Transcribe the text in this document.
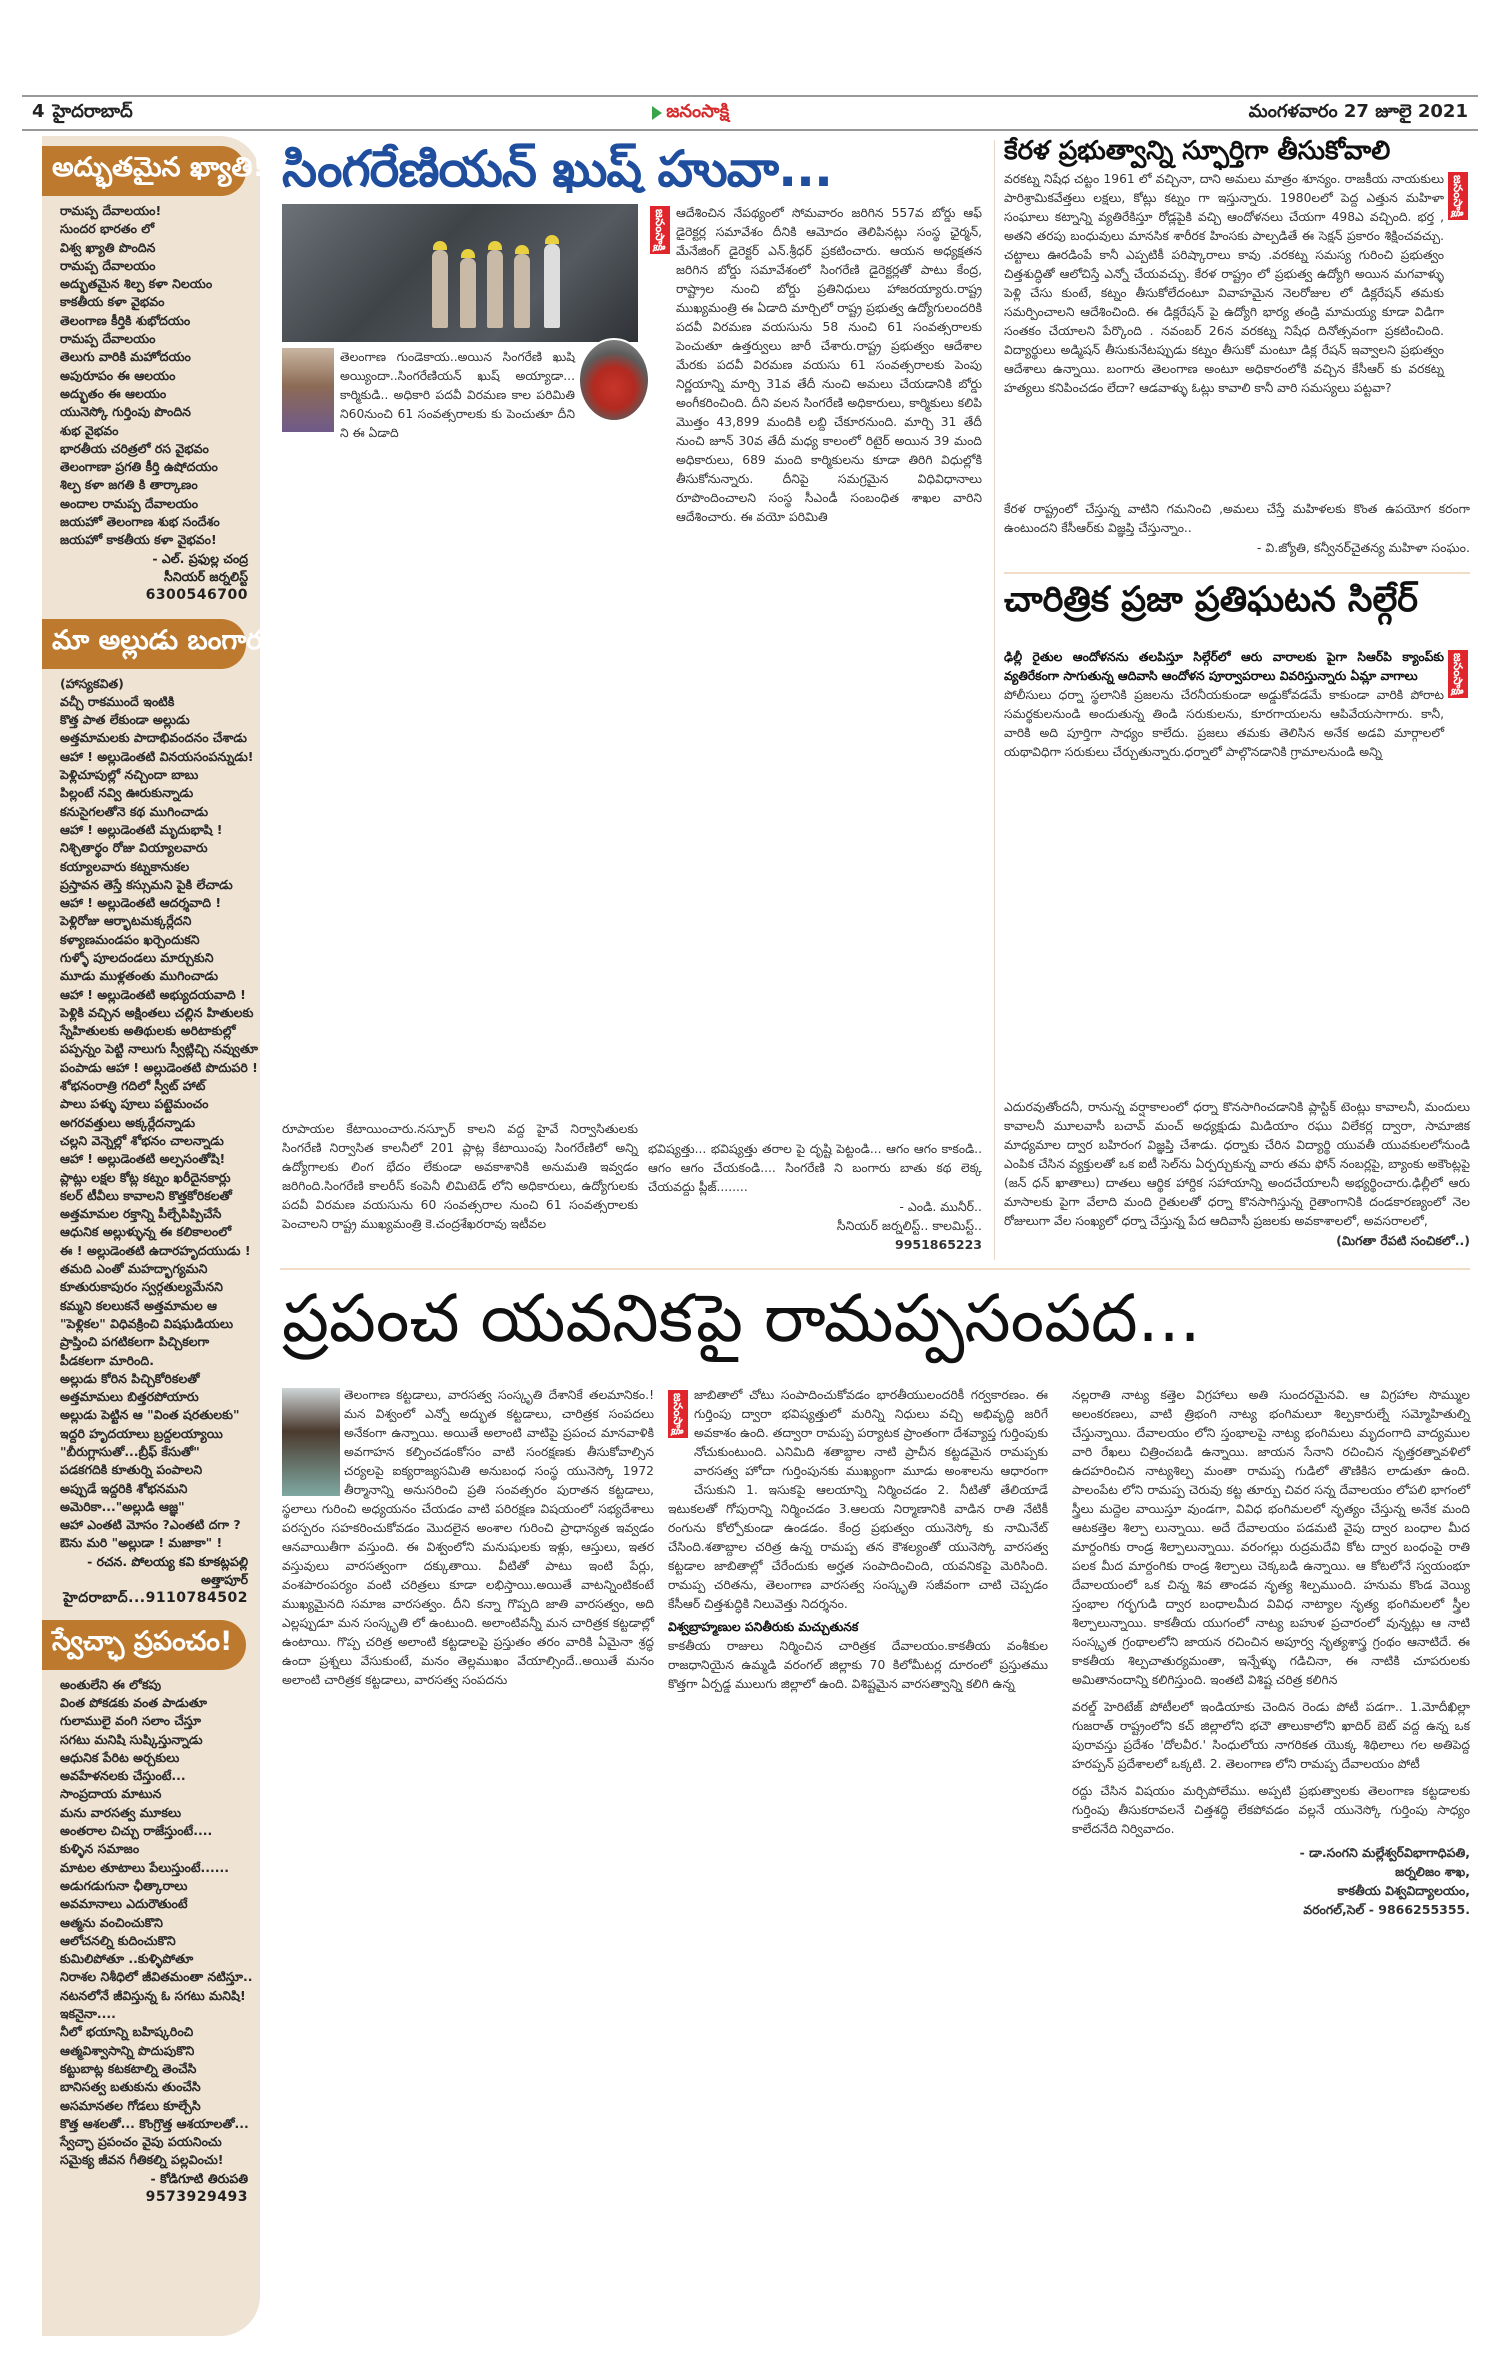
4 హైదరాబాద్	జనంసాక్షి	మంగళవారం 27 జూలై 2021
అద్భుతమైన ఖ్యాతి!
రామప్ప దేవాలయం!
సుందర భారతం లో
విశ్వ ఖ్యాతి పొందిన
రామప్ప దేవాలయం
అద్భుతమైన శిల్ప కళా నిలయం
కాకతీయ కళా వైభవం
తెలంగాణ కీర్తికి శుభోదయం
రామప్ప దేవాలయం
తెలుగు వారికి మహోదయం
అపురూపం ఈ ఆలయం
అద్భుతం ఈ ఆలయం
యునెస్కో గుర్తింపు పొందిన
శుభ వైభవం
భారతీయ చరిత్రలో రస వైభవం
తెలంగాణా ప్రగతి కీర్తి ఉషోదయం
శిల్ప కళా జగతి కి తార్కాణం
అందాల రామప్ప దేవాలయం
జయహో తెలంగాణ శుభ సందేశం
జయహో కాకతీయ కళా వైభవం!
- ఎల్. ప్రఫుల్ల చంద్ర
సీనియర్ జర్నలిస్ట్
6300546700
మా అల్లుడు బంగారం
(హాస్యకవిత)
వచ్చీ రాకముందే ఇంటికి
కొత్త పాత లేకుండా అల్లుడు
అత్తమామలకు పాదాభివందనం చేశాడు
ఆహా ! అల్లుడెంతటి వినయసంపన్నుడు!
పెళ్లిచూపుల్లో నచ్చిందా బాబు
పిల్లంటే నవ్వి ఊరుకున్నాడు
కనుసైగలతోనె కథ ముగించాడు
ఆహా ! అల్లుడెంతటి మృదుభాషి !
నిశ్చితార్థం రోజు వియ్యాలవారు
కయ్యాలవారు కట్నకానుకల
ప్రస్తావన తెస్తే కస్సుమని పైకి లేచాడు
ఆహా ! అల్లుడెంతటి ఆదర్శవాది !
పెళ్లిరోజు ఆర్భాటమక్కర్లేదని
కళ్యాణమండపం ఖర్చెందుకని
గుళ్ళో పూలదండలు మార్చుకుని
మూడు ముళ్లతంతు ముగించాడు
ఆహా ! అల్లుడెంతటి అభ్యుదయవాది !
పెళ్లికి వచ్చిన అక్షింతలు చల్లిన హితులకు
స్నేహితులకు అతిథులకు అరిటాకుల్లో
పప్పన్నం పెట్టి నాలుగు స్వీట్లిచ్చి నవ్వుతూ
పంపాడు ఆహా ! అల్లుడెంతటి పొదుపరి !
శోభనంరాత్రి గదిలో స్వీట్ హాట్
పాలు పళ్ళు పూలు పట్టెమంచం
అగరవత్తులు అక్కర్లేదన్నాడు
చల్లని వెన్నెల్లో శోభనం చాలన్నాడు
ఆహా ! అల్లుడెంతటి అల్పసంతోషి!
ప్లాట్లు లక్షల కోట్ల కట్నం ఖరీదైనకార్లు
కలర్ టీవీలు కావాలని కొత్తకోరికలతో
అత్తమామల రక్తాన్ని పీల్చేపిప్పిచేసే
ఆధునిక అల్లుళ్ళున్న ఈ కలికాలంలో
ఈ ! అల్లుడెంతటి ఉదారహృదయుడు !
తమది ఎంతో మహద్భాగ్యమని
కూతురుకాపురం స్వర్గతుల్యమేనని
కమ్మని కలలుకనే అత్తమామల ఆ
"పెళ్లికల" విధివక్రించి విషఘడియలు
ప్రాప్తించి పగటికలగా పిచ్చికలగా
పీడకలగా మారింది.
అల్లుడు కోరిన పిచ్చికోరికలతో
అత్తమామలు బిత్తరపోయారు
అల్లుడు పెట్టిన ఆ "వింత షరతులకు"
ఇద్దరి హృదయాలు బ్రద్దలయ్యాయి
"బీరుగ్లాసుతో...బ్రీఫ్ కేసుతో"
పడకగదికి కూతుర్ని పంపాలని
అప్పుడే ఇద్దరికి శోభనమని
అమెరికా..."అల్లుడి ఆజ్ఞ"
ఆహా ఎంతటి మోసం ?ఎంతటి దగా ?
ఔను మరి "అల్లుడా ! మజాకా" !
- రచన. పోలయ్య కవి కూకట్లపల్లి
అత్తాపూర్
హైదరాబాద్...9110784502
స్వేచ్ఛా ప్రపంచం!
అంతులేని ఈ లోకపు
వింత పోకడకు వంత పాడుతూ
గులాములై వంగి సలాం చేస్తూ
సగటు మనిషి సుష్కిస్తున్నాడు
ఆధునిక పేరిట అర్చకులు
అవహేళనలకు చేస్తుంటే...
సాంప్రదాయ మాటున
మను వారసత్వ మూకలు
అంతరాల చిచ్చు రాజేస్తుంటే....
కుళ్ళిన సమాజం
మాటల తూటాలు పేలుస్తుంటే......
అడుగడుగునా ఛీత్కారాలు
అవమానాలు ఎదురౌతుంటే
ఆత్మను వంచించుకొని
ఆలోచనల్ని కుదించుకొని
కుమిలిపోతూ ..కుళ్ళిపోతూ
నిరాశల నిశీధిలో జీవితమంతా నటిస్తూ..
నటనలోనే జీవిస్తున్న ఓ సగటు మనిషి!
ఇకనైనా....
నీలో భయాన్ని బహిష్కరించి
ఆత్మవిశ్వాసాన్ని పొదుపుకొని
కట్టుబాట్ల కటకటాల్ని తెంచేసి
బానిసత్వ బతుకును తుంచేసి
అసమానతల గోడలు కూల్చేసి
కొత్త ఆశలతో... కొంగ్రొత్త ఆశయాలతో...
స్వేచ్ఛా ప్రపంచం వైపు పయనించు
సమైక్య జీవన గీతికల్ని పల్లవించు!
- కోడిగూటి తిరుపతి
9573929493
సింగరేణియన్ ఖుష్ హువా...

తెలంగాణ గుండెకాయ..అయిన సింగరేణి ఖుషి అయ్యిందా..సింగరేణియన్ ఖుష్ అయ్యాడా... కార్మికుడి.. అధికారి పదవీ విరమణ కాల పరిమితి ని60నుంచి 61 సంవత్సరాలకు కు పెంచుతూ దీని ని ఈ ఏడాది

రూపాయల కేటాయించారు.నస్పూర్ కాలని వద్ద హైవే నిర్వాసితులకు సింగరేణి నిర్వాసిత కాలనీలో 201 ప్లాట్ల కేటాయింపు సింగరేణిలో అన్ని ఉద్యోగాలకు లింగ భేదం లేకుండా అవకాశానికి అనుమతి ఇవ్వడం జరిగింది.సింగరేణి కాలరీస్ కంపెనీ లిమిటెడ్ లోని అధికారులు, ఉద్యోగులకు పదవీ విరమణ వయసును 60 సంవత్సరాల నుంచి 61 సంవత్సరాలకు పెంచాలని రాష్ట్ర ముఖ్యమంత్రి కె.చంద్రశేఖరరావు ఇటీవల

జనంసాక్షి ఆదేశించిన నేపథ్యంలో సోమవారం జరిగిన 557వ బోర్డు ఆఫ్ డైరెక్టర్ల సమావేశం దీనికి ఆమోదం తెలిపినట్లు సంస్థ ఛైర్మన్, మేనేజింగ్ డైరెక్టర్ ఎన్.శ్రీధర్ ప్రకటించారు. ఆయన అధ్యక్షతన జరిగిన బోర్డు సమావేశంలో సింగరేణి డైరెక్టర్లతో పాటు కేంద్ర, రాష్ట్రాల నుంచి బోర్డు ప్రతినిధులు హాజరయ్యారు.రాష్ట్ర ముఖ్యమంత్రి ఈ ఏడాది మార్చిలో రాష్ట్ర ప్రభుత్వ ఉద్యోగులందరికి పదవీ విరమణ వయసును 58 నుంచి 61 సంవత్సరాలకు పెంచుతూ ఉత్తర్వులు జారీ చేశారు.రాష్ట్ర ప్రభుత్వం ఆదేశాల మేరకు పదవీ విరమణ వయసు 61 సంవత్సరాలకు పెంపు నిర్ణయాన్ని మార్చి 31వ తేదీ నుంచి అమలు చేయడానికి బోర్డు అంగీకరించింది. దీని వలన సింగరేణి అధికారులు, కార్మికులు కలిపి మొత్తం 43,899 మందికి లబ్ది చేకూరనుంది. మార్చి 31 తేదీ నుంచి జూన్ 30వ తేదీ మధ్య కాలంలో రిటైర్ అయిన 39 మంది అధికారులు, 689 మంది కార్మికులను కూడా తిరిగి విధుల్లోకి తీసుకోనున్నారు. దీనిపై సమగ్రమైన విధివిధానాలు రూపొందించాలని సంస్థ సీఎండీ సంబంధిత శాఖల వారిని ఆదేశించారు. ఈ వయో పరిమితి

భవిష్యత్తు... భవిష్యత్తు తరాల పై దృష్టి పెట్టండి... ఆగం ఆగం కాకండి.. ఆగం ఆగం చేయకండి.... సింగరేణి ని బంగారు బాతు కథ లెక్క చేయవద్దు ప్లీజ్........

- ఎండి. మునీర్..
సీనియర్ జర్నలిస్ట్.. కాలమిస్ట్..
9951865223
కేరళ ప్రభుత్వాన్ని స్ఫూర్తిగా తీసుకోవాలి
జనంసాక్షి

వరకట్న నిషేధ చట్టం 1961 లో వచ్చినా, దాని అమలు మాత్రం శూన్యం. రాజకీయ నాయకులు పారిశ్రామికవేత్తలు లక్షలు, కోట్లు కట్నం గా ఇస్తున్నారు. 1980లలో పెద్ద ఎత్తున మహిళా సంఘాలు కట్నాన్ని వ్యతిరేకిస్తూ రోడ్లపైకి వచ్చి ఆందోళనలు చేయగా 498ఎ వచ్చింది. భర్త , అతని తరపు బంధువులు మానసిక శారీరక హింసకు పాల్పడితే ఈ సెక్షన్ ప్రకారం శిక్షించవచ్చు. చట్టాలు ఊరడింపే కానీ ఎప్పటికీ పరిష్కారాలు కావు .వరకట్న సమస్య గురించి ప్రభుత్వం చిత్తశుద్ధితో ఆలోచిస్తే ఎన్నో చేయవచ్చు. కేరళ రాష్ట్రం లో ప్రభుత్వ ఉద్యోగి అయిన మగవాళ్ళు పెళ్లి చేసు కుంటే, కట్నం తీసుకోలేదంటూ వివాహమైన నెలరోజుల లో డిక్లరేషన్ తమకు సమర్పించాలని ఆదేశించింది. ఈ డిక్లరేషన్ పై ఉద్యోగి భార్య తండ్రి మామయ్య కూడా విడిగా సంతకం చేయాలని పేర్కొంది . నవంబర్ 26న వరకట్న నిషేధ దినోత్సవంగా ప్రకటించింది. విద్యార్థులు అడ్మిషన్ తీసుకునేటప్పుడు కట్నం తీసుకో మంటూ డిక్ల రేషన్ ఇవ్వాలని ప్రభుత్వం ఆదేశాలు ఉన్నాయి. బంగారు తెలంగాణ అంటూ అధికారంలోకి వచ్చిన కేసీఆర్ కు వరకట్న హత్యలు కనిపించడం లేదా? ఆడవాళ్ళు ఓట్లు కావాలి కానీ వారి సమస్యలు పట్టవా?

కేరళ రాష్ట్రంలో చేస్తున్న వాటిని గమనించి ,అమలు చేస్తే మహిళలకు కొంత ఉపయోగ కరంగా ఉంటుందని కేసీఆర్‌కు విజ్ఞప్తి చేస్తున్నాం..

- వి.జ్యోతి, కన్వీనర్‌చైతన్య మహిళా సంఘం.
చారిత్రిక ప్రజా ప్రతిఘటన సిల్గేర్
జనంసాక్షి

ఢిల్లీ రైతుల ఆందోళనను తలపిస్తూ సిల్గేర్‌లో ఆరు వారాలకు పైగా సిఆర్‌పి క్యాంప్‌కు వ్యతిరేకంగా సాగుతున్న ఆదివాసి ఆందోళన పూర్వాపరాలు వివరిస్తున్నారు ఏమ్లా వాగాలు

పోలీసులు ధర్నా స్థలానికి ప్రజలను చేరనీయకుండా అడ్డుకోవడమే కాకుండా వారికి పోరాట సమర్థకులనుండి అందుతున్న తిండి సరుకులను, కూరగాయలను ఆపివేయసాగారు. కానీ, వారికి అది పూర్తిగా సాధ్యం కాలేదు. ప్రజలు తమకు తెలిసిన అనేక అడవి మార్గాలలో యథావిధిగా సరుకులు చేర్చుతున్నారు.ధర్నాలో పాల్గొనడానికి గ్రామాలనుండి అన్ని

ఎదురవుతోందనీ, రానున్న వర్షాకాలంలో ధర్నా కొనసాగించడానికి ప్లాస్టిక్ టెంట్లు కావాలనీ, మందులు కావాలనీ మూలవాసీ బచావ్ మంచ్ అధ్యక్షుడు మిడియాం రఘు విలేకర్ల ద్వారా, సామాజిక మాధ్యమాల ద్వార బహిరంగ విజ్ఞప్తి చేశాడు. ధర్నాకు చేరిన విద్యార్థి యువతీ యువకులలోనుండి ఎంపిక చేసిన వ్యక్తులతో ఒక ఐటీ సెల్‌ను ఏర్పర్చుకున్న వారు తమ ఫోన్ నంబర్లపై, బ్యాంకు అకౌంట్లపై (జన్ ధన్ ఖాతాలు) దాతలు ఆర్థిక హార్దిక సహాయాన్ని అందచేయాలనీ అభ్యర్థించారు.ఢిల్లీలో ఆరు మాసాలకు పైగా వేలాది మంది రైతులతో ధర్నా కొనసాగిస్తున్న రైతాంగానికి దండకారణ్యంలో నెల రోజులుగా వేల సంఖ్యలో ధర్నా చేస్తున్న పేద ఆదివాసీ ప్రజలకు అవకాశాలలో, అవసరాలలో,

(మిగతా రేపటి సంచికలో..)
ప్రపంచ యవనికపై రామప్పసంపద...

తెలంగాణ కట్టడాలు, వారసత్వ సంస్కృతి దేశానికే తలమానికం.!మన విశ్వంలో ఎన్నో అద్భుత కట్టడాలు, చారిత్రక సంపదలు అనేకంగా ఉన్నాయి. అయితే అలాంటి వాటిపై ప్రపంచ మానవాళికి అవగాహన కల్పించడంకోసం వాటి సంరక్షణకు తీసుకోవాల్సిన చర్యలపై ఐక్యరాజ్యసమితి అనుబంధ సంస్థ యునెస్కో 1972 తీర్మానాన్ని అనుసరించి ప్రతి సంవత్సరం పురాతన కట్టడాలు, స్థలాలు గురించి అధ్యయనం చేయడం వాటి పరిరక్షణ విషయంలో సభ్యదేశాలు పరస్పరం సహకరించుకోవడం మొదలైన అంశాల గురించి ప్రాధాన్యత ఇవ్వడం ఆనవాయితీగా వస్తుంది. ఈ విశ్వంలోని మనుషులకు ఇళ్లు, ఆస్తులు, ఇతర వస్తువులు వారసత్వంగా దక్కుతాయి. వీటితో పాటు ఇంటి పేర్లు, వంశపారంపర్యం వంటి చరిత్రలు కూడా లభిస్తాయి.అయితే వాటన్నింటికంటే ముఖ్యమైనది సమాజ వారసత్వం. దీని కన్నా గొప్పది జాతి వారసత్వం, అది ఎల్లప్పుడూ మన సంస్కృతి లో ఉంటుంది. అలాంటివన్నీ మన చారిత్రక కట్టడాల్లో ఉంటాయి. గొప్ప చరిత్ర అలాంటి కట్టడాలపై ప్రస్తుతం తరం వారికి ఏమైనా శ్రద్ధ ఉందా ప్రశ్నలు వేసుకుంటే, మనం తెల్లముఖం వేయాల్సిందే..అయితే మనం అలాంటి చారిత్రక కట్టడాలు, వారసత్వ సంపదను

జనంసాక్షి జాబితాలో చోటు సంపాదించుకోవడం భారతీయులందరికీ గర్వకారణం. ఈ గుర్తింపు ద్వారా భవిష్యత్తులో మరిన్ని నిధులు వచ్చి అభివృద్ధి జరిగే అవకాశం ఉంది. తద్వారా రామప్ప పర్యాటక ప్రాంతంగా దేశవ్యాప్త గుర్తింపుకు నోచుకుంటుంది. ఎనిమిది శతాబ్దాల నాటి ప్రాచీన కట్టడమైన రామప్పకు వారసత్వ హోదా గుర్తింపునకు ముఖ్యంగా మూడు అంశాలను ఆధారంగా చేసుకుని 1. ఇసుకపై ఆలయాన్ని నిర్మించడం 2. నీటితో తేలియాడే ఇటుకలతో గోపురాన్ని నిర్మించడం 3.ఆలయ నిర్మాణానికి వాడిన రాతి నేటికీ రంగును కోల్పోకుండా ఉండడం. కేంద్ర ప్రభుత్వం యునెస్కో కు నామినేట్ చేసింది.శతాబ్దాల చరిత్ర ఉన్న రామప్ప తన కౌశల్యంతో యునెస్కో వారసత్వ కట్టడాల జాబితాల్లో చేరేందుకు అర్హత సంపాదించింది, యవనికపై మెరిసింది. రామప్ప చరితను, తెలంగాణ వారసత్వ సంస్కృతి సజీవంగా చాటి చెప్పడం కేసీఆర్ చిత్తశుద్ధికి నిలువెత్తు నిదర్శనం.

విశ్వబ్రాహ్మణుల పనితీరుకు మచ్చుతునక

కాకతీయ రాజులు నిర్మించిన చారిత్రక దేవాలయం.కాకతీయ వంశీకుల రాజధానియైన ఉమ్మడి వరంగల్ జిల్లాకు 70 కిలోమీటర్ల దూరంలో ప్రస్తుతము కొత్తగా ఏర్పడ్డ ములుగు జిల్లాలో ఉంది. విశిష్టమైన వారసత్వాన్ని కలిగి ఉన్న

నల్లరాతి నాట్య కత్తెల విగ్రహాలు అతి సుందరమైనవి. ఆ విగ్రహాల సొమ్ముల అలంకరణలు, వాటి త్రిభంగి నాట్య భంగిమలూ శిల్పకారుల్నే సమ్మోహితుల్ని చేస్తున్నాయి. దేవాలయం లోని స్తంభాలపై నాట్య భంగిమలు మృదంగాది వాద్యముల వారి రేఖలు చిత్రించబడి ఉన్నాయి. జాయన సేనాని రచించిన నృత్తరత్నావళిలో ఉదహరించిన నాట్యశిల్ప మంతా రామప్ప గుడిలో తొణికిస లాడుతూ ఉంది. పాలంపేట లోని రామప్ప చెరువు కట్ట తూర్పు చివర సన్న దేవాలయం లోపలి భాగంలో స్త్రీలు మద్దెల వాయిస్తూ వుండగా, వివిధ భంగిమలలో నృత్యం చేస్తున్న అనేక మంది ఆటకత్తెల శిల్పా లున్నాయి. అదే దేవాలయం పడమటి వైపు ద్వార బంధాల మీద మార్దంగికు రాండ్ర శిల్పాలున్నాయి. వరంగల్లు రుద్రమదేవి కోట ద్వార బంధంపై రాతి పలక మీద మార్దంగికు రాండ్ర శిల్పాలు చెక్కబడి ఉన్నాయి. ఆ కోటలోనే స్వయంభూ దేవాలయంలో ఒక చిన్న శివ తాండవ నృత్య శిల్పముంది. హనుమ కొండ వెయ్యి స్తంభాల గర్భగుడి ద్వార బంధాలమీద వివిధ నాట్యాల నృత్య భంగిమలలో స్త్రీల శిల్పాలున్నాయి. కాకతీయ యుగంలో నాట్య బహుళ ప్రచారంలో వున్నట్లు ఆ నాటి సంస్కృత గ్రంథాలలోని జాయన రచించిన అపూర్వ నృత్యశాస్త్ర గ్రంథం ఆనాటిదే. ఈ కాకతీయ శిల్పచాతుర్యమంతా, ఇన్నేళ్ళు గడిచినా, ఈ నాటికి చూపరులకు అమితానందాన్ని కలిగిస్తుంది. ఇంతటి విశిష్ట చరిత్ర కలిగిన

వరల్డ్ హెరిటేజ్ పోటీలలో ఇండియాకు చెందిన రెండు పోటీ పడగా.. 1.మోదీఖిల్లా గుజరాత్ రాష్ట్రంలోని కచ్ జిల్లాలోని భచౌ తాలుకాలోని ఖాదిర్ బెట్ వద్ద ఉన్న ఒక పురావస్తు ప్రదేశం 'దోలవీర.' సింధులోయ నాగరికత యొక్క శిథిలాలు గల అతిపెద్ద హరప్పన్ ప్రదేశాలలో ఒక్కటి. 2. తెలంగాణ లోని రామప్ప దేవాలయం పోటీ

రద్దు చేసిన విషయం మర్చిపోలేము. అప్పటి ప్రభుత్వాలకు తెలంగాణ కట్టడాలకు గుర్తింపు తీసుకరావలనే చిత్తశద్ధి లేకపోవడం వల్లనే యునెస్కో గుర్తింపు సాధ్యం కాలేదనేది నిర్వివాదం.

- డా.సంగని మల్లేశ్వర్‌విభాగాధిపతి,
జర్నలిజం శాఖ,
కాకతీయ విశ్వవిద్యాలయం,
వరంగల్,సెల్ - 9866255355.
